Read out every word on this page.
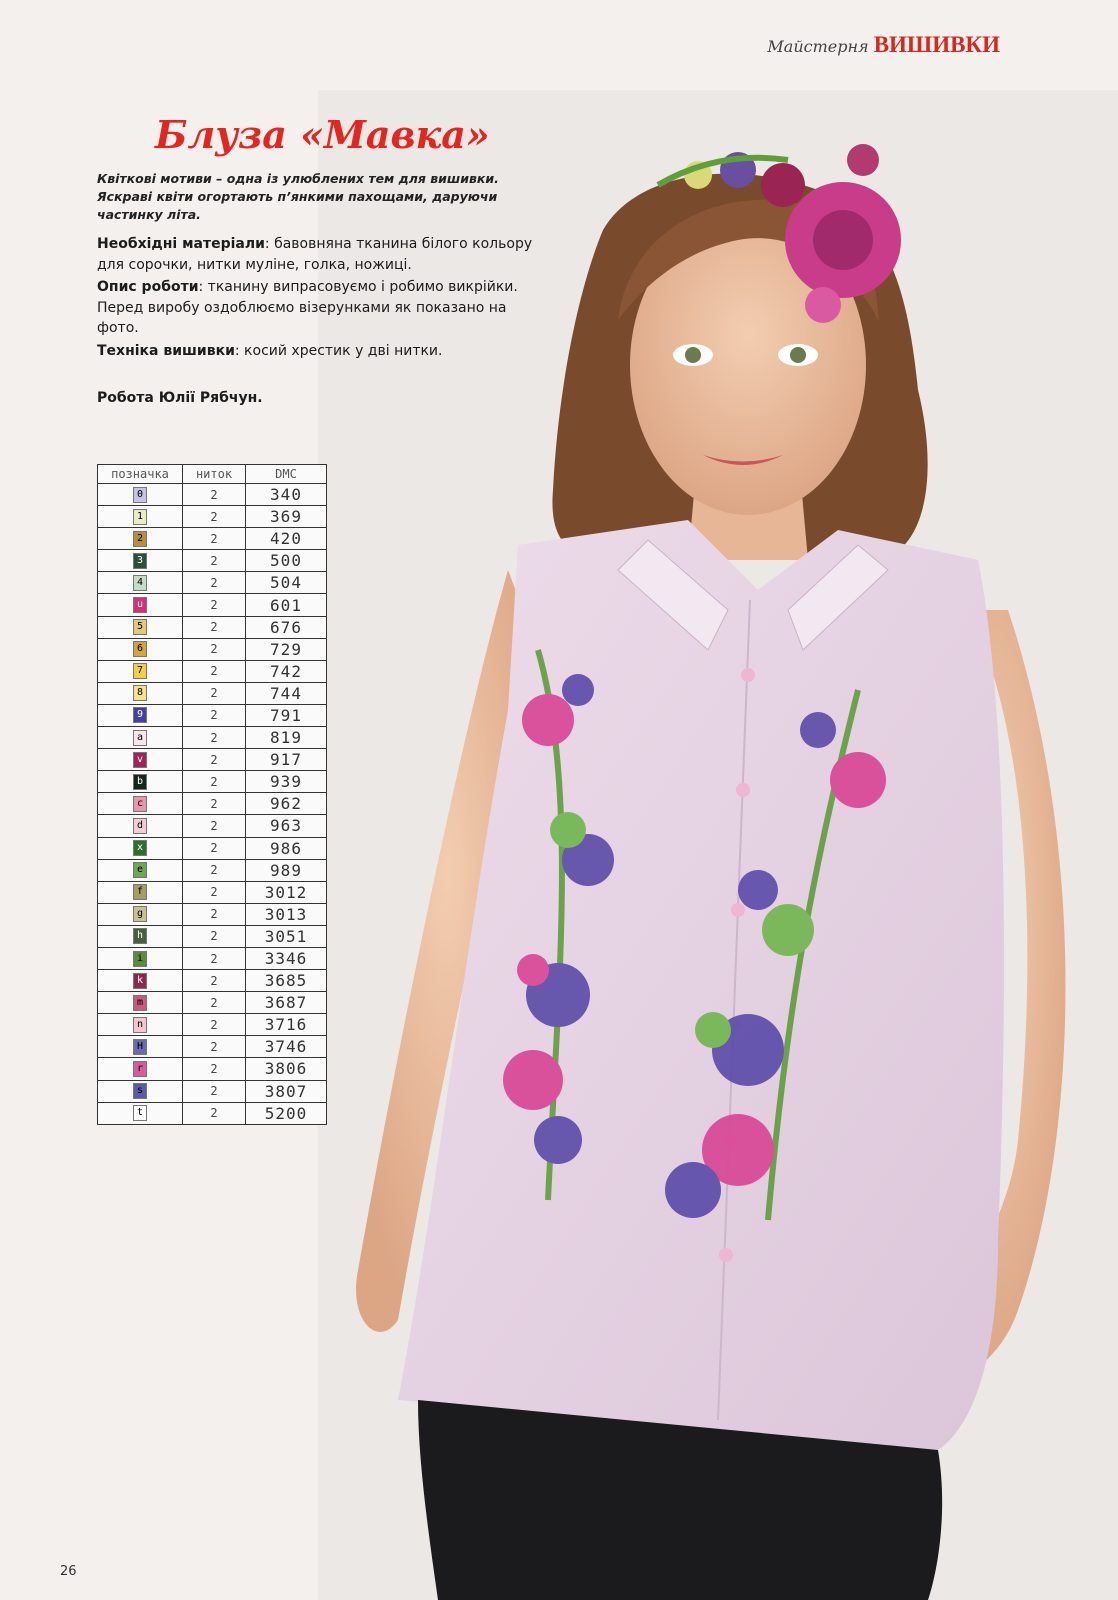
Майстерня ВИШИВКИ
Блуза «Мавка»
Квіткові мотиви – одна із улюблених тем для вишивки. Яскраві квіти огортають п’янкими пахощами, даруючи частинку літа.

Необхідні матеріали: бавовняна тканина білого кольору для сорочки, нитки муліне, голка, ножиці.

Опис роботи: тканину випрасовуємо і робимо викрійки. Перед виробу оздоблюємо візерунками як показано на фото.

Техніка вишивки: косий хрестик у дві нитки.

Робота Юлії Рябчун.
позначка	ниток	DMC
0	2	340
1	2	369
2	2	420
3	2	500
4	2	504
u	2	601
5	2	676
6	2	729
7	2	742
8	2	744
9	2	791
a	2	819
v	2	917
b	2	939
c	2	962
d	2	963
x	2	986
e	2	989
f	2	3012
g	2	3013
h	2	3051
i	2	3346
k	2	3685
m	2	3687
n	2	3716
H	2	3746
r	2	3806
s	2	3807
t	2	5200
26
